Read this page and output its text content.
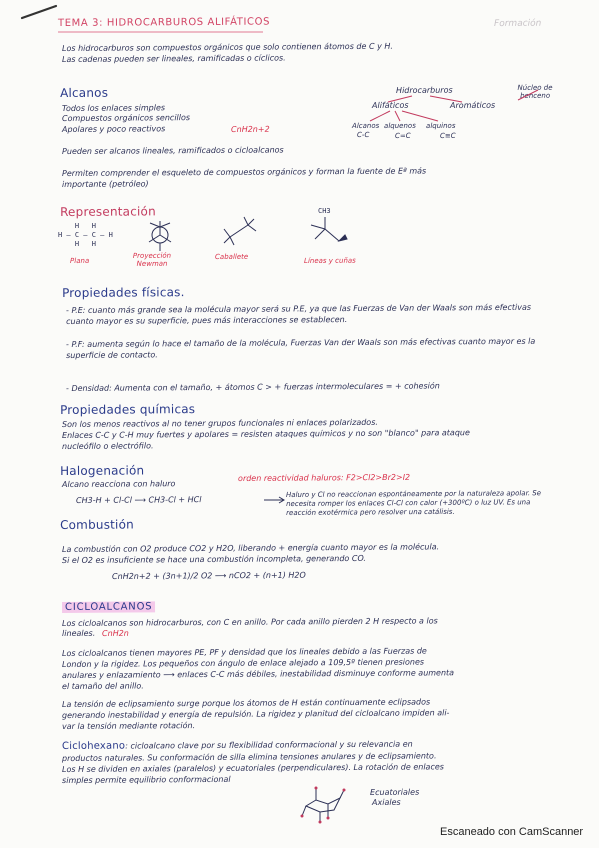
TEMA 3: HIDROCARBUROS ALIFÁTICOS	Formación
Los hidrocarburos son compuestos orgánicos que solo contienen átomos de C y H.
Las cadenas pueden ser lineales, ramificadas o cíclicos.
Hidrocarburos
Alifáticos	Aromáticos
Núcleo de benceno
Alcanos alquenos alquinos
C-C	C=C	C≡C
Alcanos
Todos los enlaces simples
Compuestos orgánicos sencillos
Apolares y poco reactivos	CnH2n+2
Pueden ser alcanos lineales, ramificados o cicloalcanos
Permiten comprender el esqueleto de compuestos orgánicos y forman la fuente de Eª más
importante (petróleo)
Representación
H   H
H — C — C — H
H   H
CH3
Plana
Proyección Newman
Caballete	Líneas y cuñas
Propiedades físicas.
- P.E: cuanto más grande sea la molécula mayor será su P.E, ya que las Fuerzas de Van der Waals son más efectivas cuanto mayor es su superficie, pues más interacciones se establecen.
- P.F: aumenta según lo hace el tamaño de la molécula, Fuerzas Van der Waals son más efectivas cuanto mayor es la superficie de contacto.
- Densidad: Aumenta con el tamaño, + átomos C > + fuerzas intermoleculares = + cohesión
Propiedades químicas
Son los menos reactivos al no tener grupos funcionales ni enlaces polarizados.
Enlaces C-C y C-H muy fuertes y apolares = resisten ataques químicos y no son "blanco" para ataque
nucleófilo o electrófilo.
Halogenación
Alcano reacciona con haluro
orden reactividad haluros: F2>Cl2>Br2>I2
CH3-H + Cl-Cl ⟶ CH3-Cl + HCl
Haluro y Cl no reaccionan espontáneamente por la naturaleza apolar. Se necesita romper los enlaces Cl-Cl con calor (+300ºC) o luz UV. Es una reacción exotérmica pero resolver una catálisis.
Combustión
La combustión con O2 produce CO2 y H2O, liberando + energía cuanto mayor es la molécula.
Si el O2 es insuficiente se hace una combustión incompleta, generando CO.
CnH2n+2 + (3n+1)/2 O2 ⟶ nCO2 + (n+1) H2O
CICLOALCANOS
Los cicloalcanos son hidrocarburos, con C en anillo. Por cada anillo pierden 2 H respecto a los
lineales. CnH2n
Los cicloalcanos tienen mayores PE, PF y densidad que los lineales debido a las Fuerzas de
London y la rigidez. Los pequeños con ángulo de enlace alejado a 109,5º tienen presiones
anulares y enlazamiento ⟶ enlaces C-C más débiles, inestabilidad disminuye conforme aumenta
el tamaño del anillo.
La tensión de eclipsamiento surge porque los átomos de H están continuamente eclipsados
generando inestabilidad y energía de repulsión. La rigidez y planitud del cicloalcano impiden ali-
var la tensión mediante rotación.
Ciclohexano: cicloalcano clave por su flexibilidad conformacional y su relevancia en
productos naturales. Su conformación de silla elimina tensiones anulares y de eclipsamiento.
Los H se dividen en axiales (paralelos) y ecuatoriales (perpendiculares). La rotación de enlaces
simples permite equilibrio conformacional
Ecuatoriales
Axiales
Escaneado con CamScanner
